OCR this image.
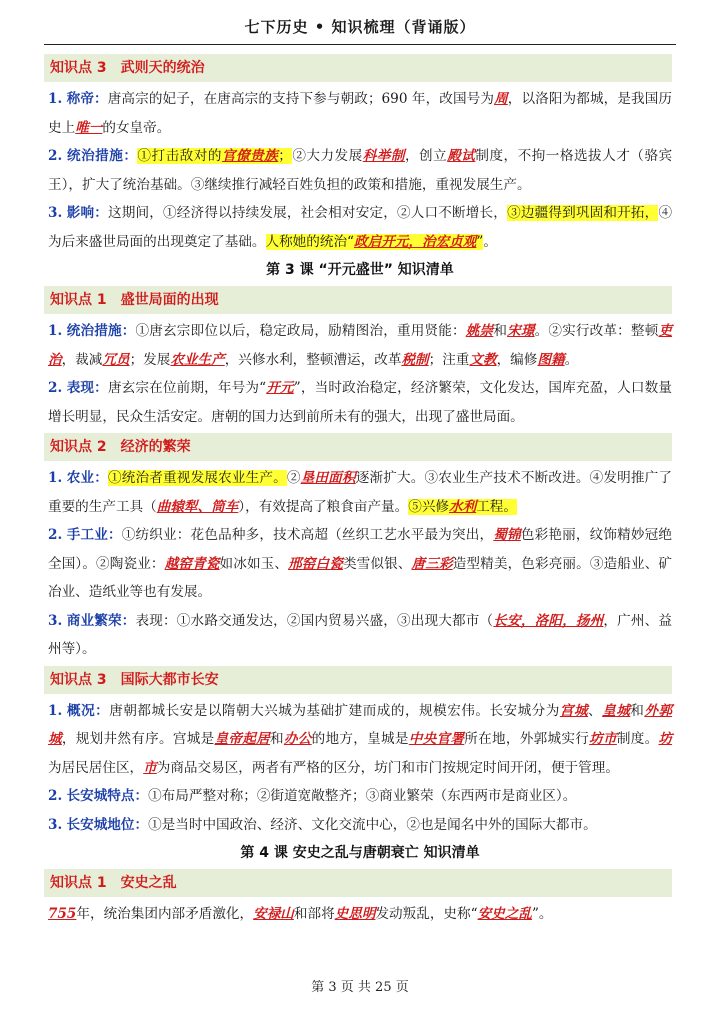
七下历史 • 知识梳理（背诵版）
知识点 3 武则天的统治

1. 称帝：唐高宗的妃子，在唐高宗的支持下参与朝政；690 年，改国号为周，以洛阳为都城，是我国历史上唯一的女皇帝。

2. 统治措施：①打击敌对的官僚贵族；②大力发展科举制，创立殿试制度，不拘一格选拔人才（骆宾王），扩大了统治基础。③继续推行减轻百姓负担的政策和措施，重视发展生产。

3. 影响：这期间，①经济得以持续发展，社会相对安定，②人口不断增长，③边疆得到巩固和开拓，④为后来盛世局面的出现奠定了基础。人称她的统治“政启开元，治宏贞观”。

第 3 课 “开元盛世” 知识清单
知识点 1 盛世局面的出现

1. 统治措施：①唐玄宗即位以后，稳定政局，励精图治，重用贤能：姚崇和宋璟。②实行改革：整顿吏治，裁减冗员；发展农业生产，兴修水利，整顿漕运，改革税制；注重文教，编修图籍。

2. 表现：唐玄宗在位前期，年号为“开元”，当时政治稳定，经济繁荣，文化发达，国库充盈，人口数量增长明显，民众生活安定。唐朝的国力达到前所未有的强大，出现了盛世局面。

知识点 2 经济的繁荣

1. 农业：①统治者重视发展农业生产。②垦田面积逐渐扩大。③农业生产技术不断改进。④发明推广了重要的生产工具（曲辕犁、筒车），有效提高了粮食亩产量。⑤兴修水利工程。

2. 手工业：①纺织业：花色品种多，技术高超（丝织工艺水平最为突出，蜀锦色彩艳丽，纹饰精妙冠绝全国）。②陶瓷业：越窑青瓷如冰如玉、邢窑白瓷类雪似银、唐三彩造型精美，色彩亮丽。③造船业、矿冶业、造纸业等也有发展。

3. 商业繁荣：表现：①水路交通发达，②国内贸易兴盛，③出现大都市（长安，洛阳，扬州，广州、益州等）。

知识点 3 国际大都市长安

1. 概况：唐朝都城长安是以隋朝大兴城为基础扩建而成的，规模宏伟。长安城分为宫城、皇城和外郭城，规划井然有序。宫城是皇帝起居和办公的地方，皇城是中央官署所在地，外郭城实行坊市制度。坊为居民居住区，市为商品交易区，两者有严格的区分，坊门和市门按规定时间开闭，便于管理。

2. 长安城特点：①布局严整对称；②街道宽敞整齐；③商业繁荣（东西两市是商业区）。

3. 长安城地位：①是当时中国政治、经济、文化交流中心，②也是闻名中外的国际大都市。

第 4 课 安史之乱与唐朝衰亡 知识清单
知识点 1 安史之乱

755年，统治集团内部矛盾激化，安禄山和部将史思明发动叛乱，史称“安史之乱”。

第 3 页 共 25 页
